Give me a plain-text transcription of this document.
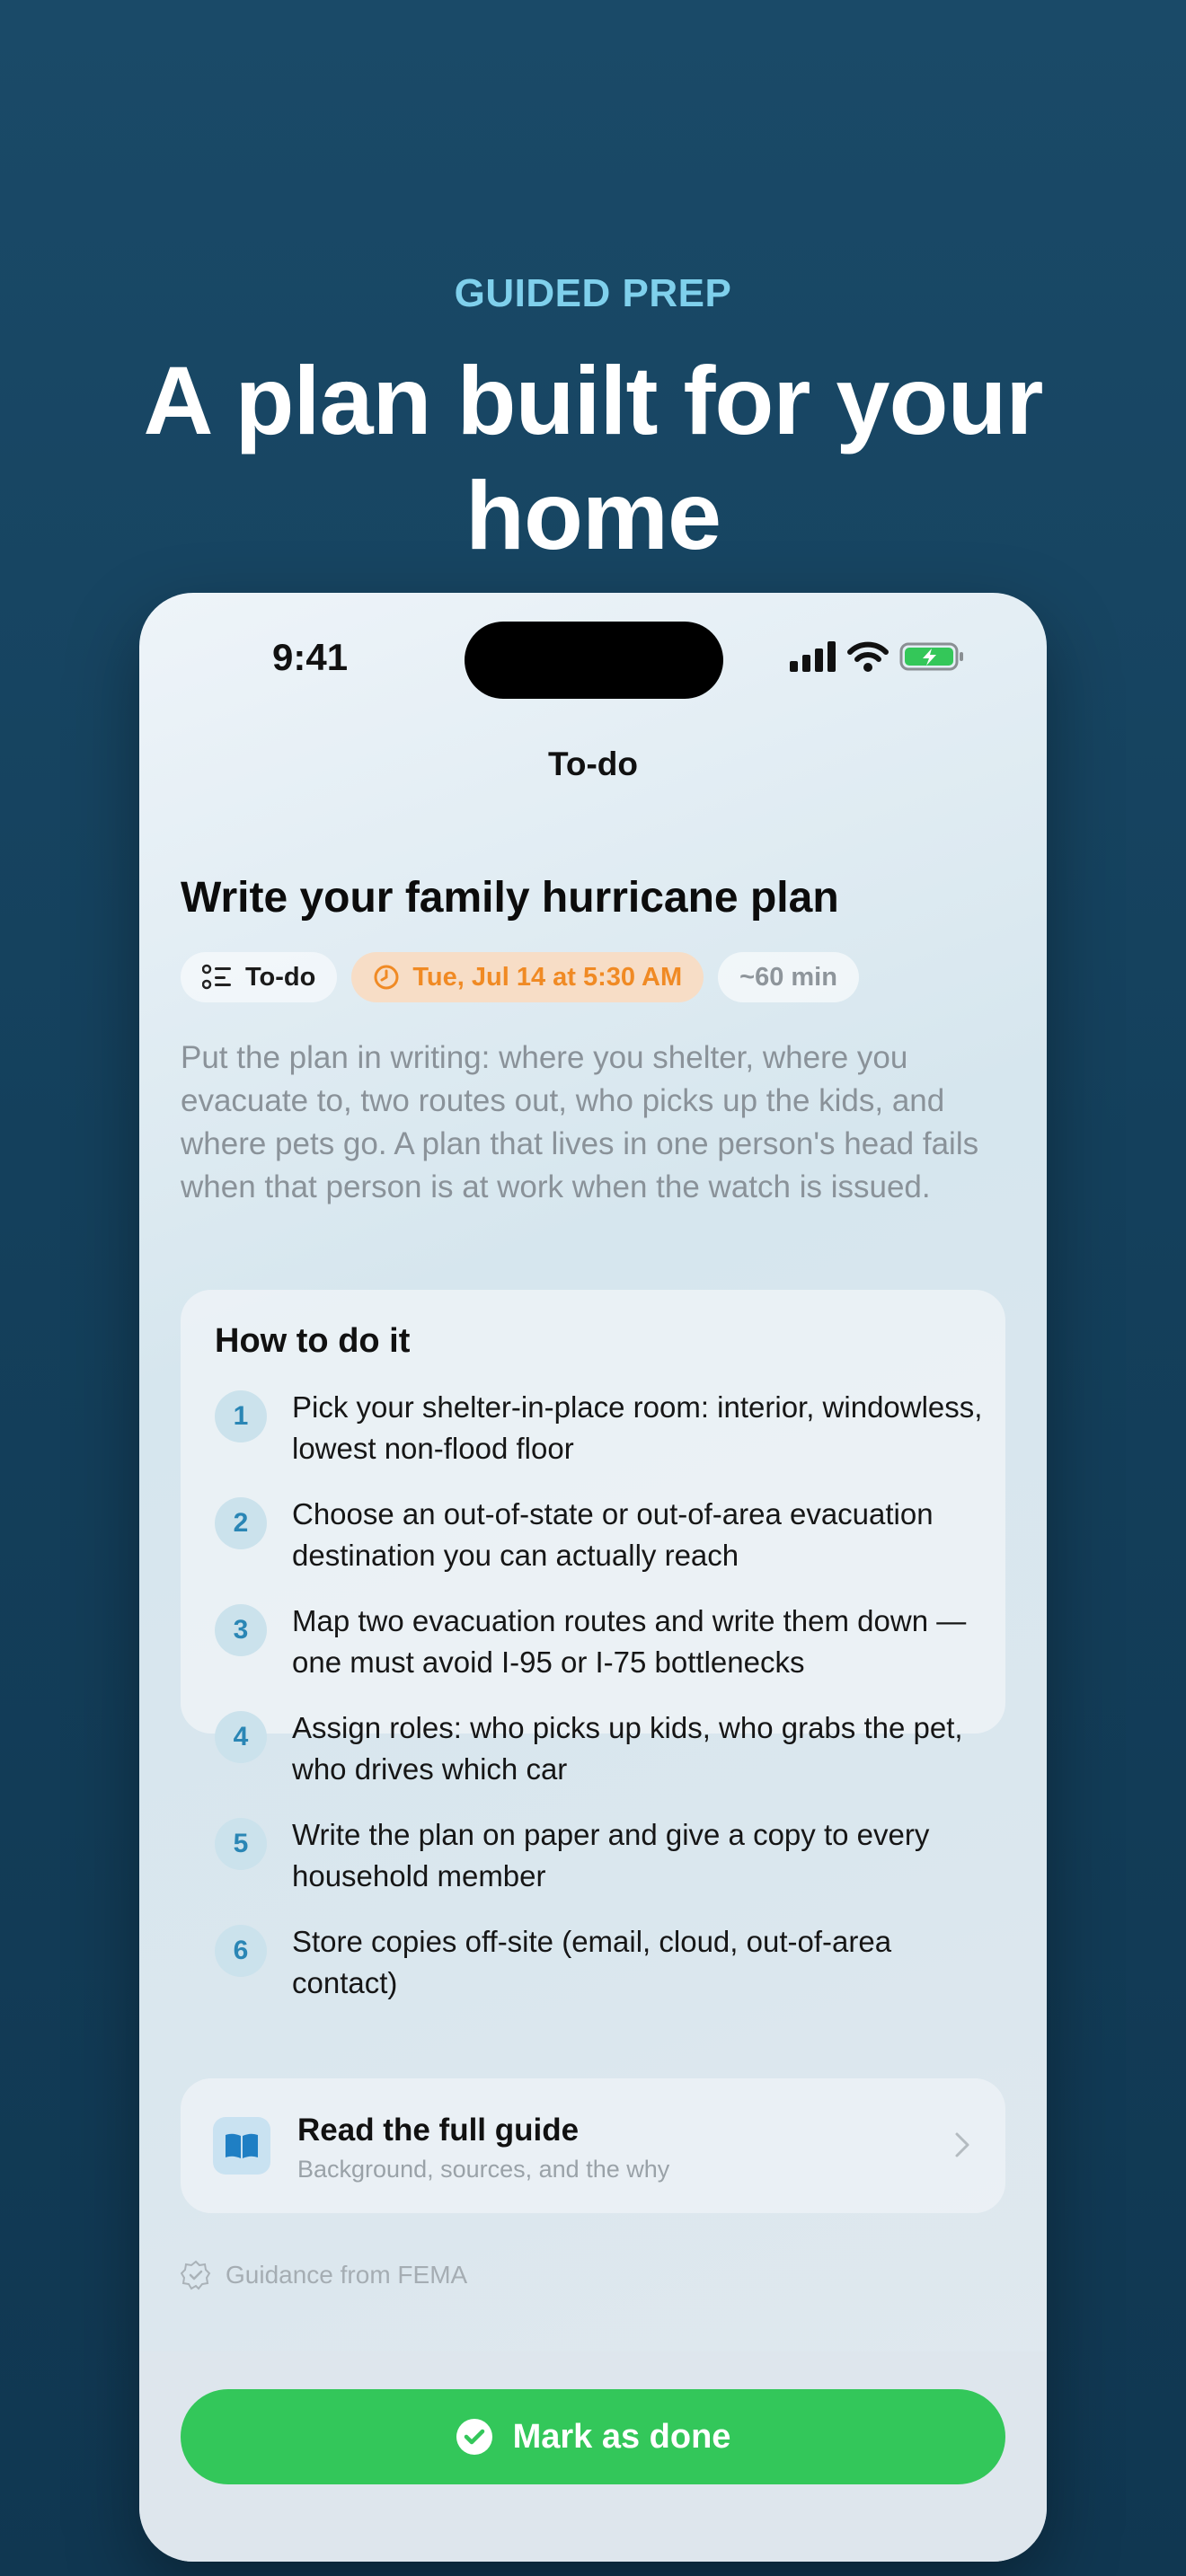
GUIDED PREP
A plan built for your home
9:41
To-do
Write your family hurricane plan
To-do	Tue, Jul 14 at 5:30 AM ~60 min
Put the plan in writing: where you shelter, where you evacuate to, two routes out, who picks up the kids, and where pets go. A plan that lives in one person's head fails when that person is at work when the watch is issued.
How to do it
1	Pick your shelter-in-place room: interior, windowless, lowest non-flood floor
2	Choose an out-of-state or out-of-area evacuation destination you can actually reach
3	Map two evacuation routes and write them down — one must avoid I-95 or I-75 bottlenecks
4	Assign roles: who picks up kids, who grabs the pet, who drives which car
5	Write the plan on paper and give a copy to every household member
6	Store copies off-site (email, cloud, out-of-area contact)
Read the full guide
Background, sources, and the why
Guidance from FEMA
Mark as done
